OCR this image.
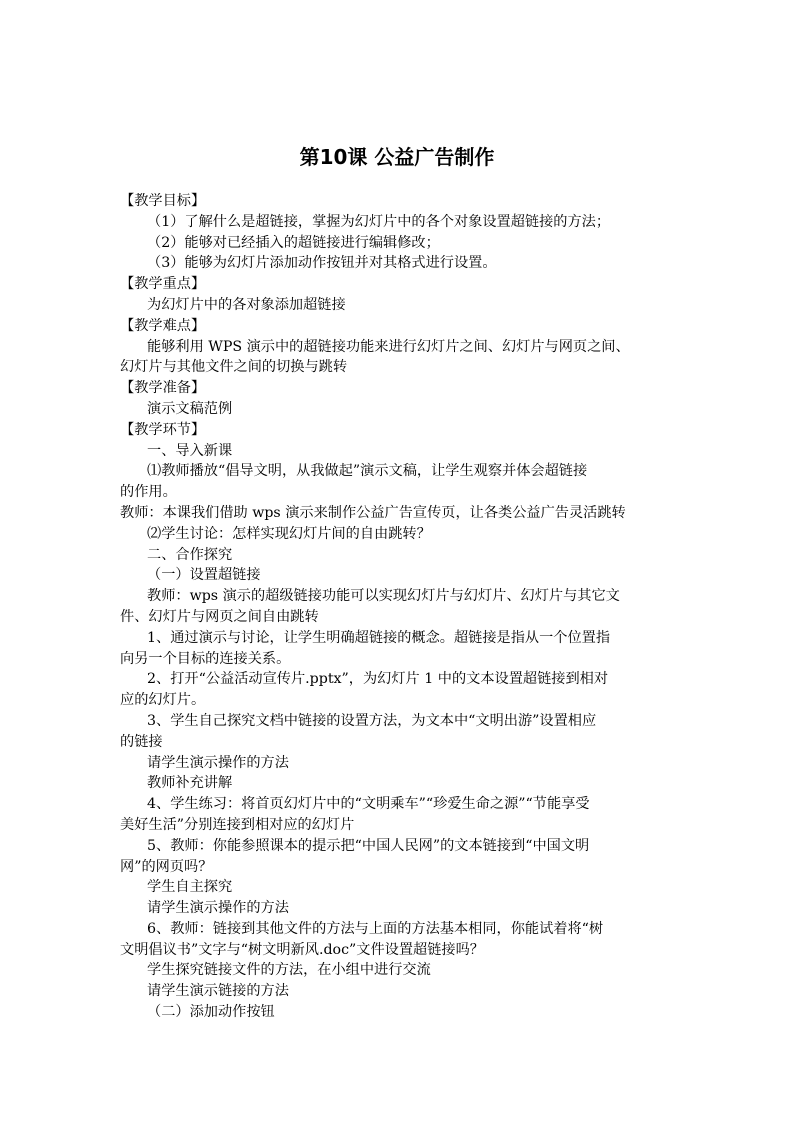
第10课 公益广告制作
【教学目标】
（1）了解什么是超链接，掌握为幻灯片中的各个对象设置超链接的方法；
（2）能够对已经插入的超链接进行编辑修改；
（3）能够为幻灯片添加动作按钮并对其格式进行设置。
【教学重点】
为幻灯片中的各对象添加超链接
【教学难点】
能够利用 WPS 演示中的超链接功能来进行幻灯片之间、幻灯片与网页之间、
幻灯片与其他文件之间的切换与跳转
【教学准备】
演示文稿范例
【教学环节】
一、导入新课
⑴教师播放“倡导文明，从我做起”演示文稿，让学生观察并体会超链接
的作用。
教师：本课我们借助 wps 演示来制作公益广告宣传页，让各类公益广告灵活跳转
⑵学生讨论：怎样实现幻灯片间的自由跳转？
二、合作探究
（一）设置超链接
教师：wps 演示的超级链接功能可以实现幻灯片与幻灯片、幻灯片与其它文
件、幻灯片与网页之间自由跳转
1、通过演示与讨论，让学生明确超链接的概念。超链接是指从一个位置指
向另一个目标的连接关系。
2、打开“公益活动宣传片.pptx”，为幻灯片 1 中的文本设置超链接到相对
应的幻灯片。
3、学生自己探究文档中链接的设置方法，为文本中“文明出游”设置相应
的链接
请学生演示操作的方法
教师补充讲解
4、学生练习：将首页幻灯片中的“文明乘车”“珍爱生命之源”“节能享受
美好生活”分别连接到相对应的幻灯片
5、教师：你能参照课本的提示把“中国人民网”的文本链接到“中国文明
网”的网页吗？
学生自主探究
请学生演示操作的方法
6、教师：链接到其他文件的方法与上面的方法基本相同，你能试着将“树
文明倡议书”文字与“树文明新风.doc”文件设置超链接吗？
学生探究链接文件的方法，在小组中进行交流
请学生演示链接的方法
（二）添加动作按钮
